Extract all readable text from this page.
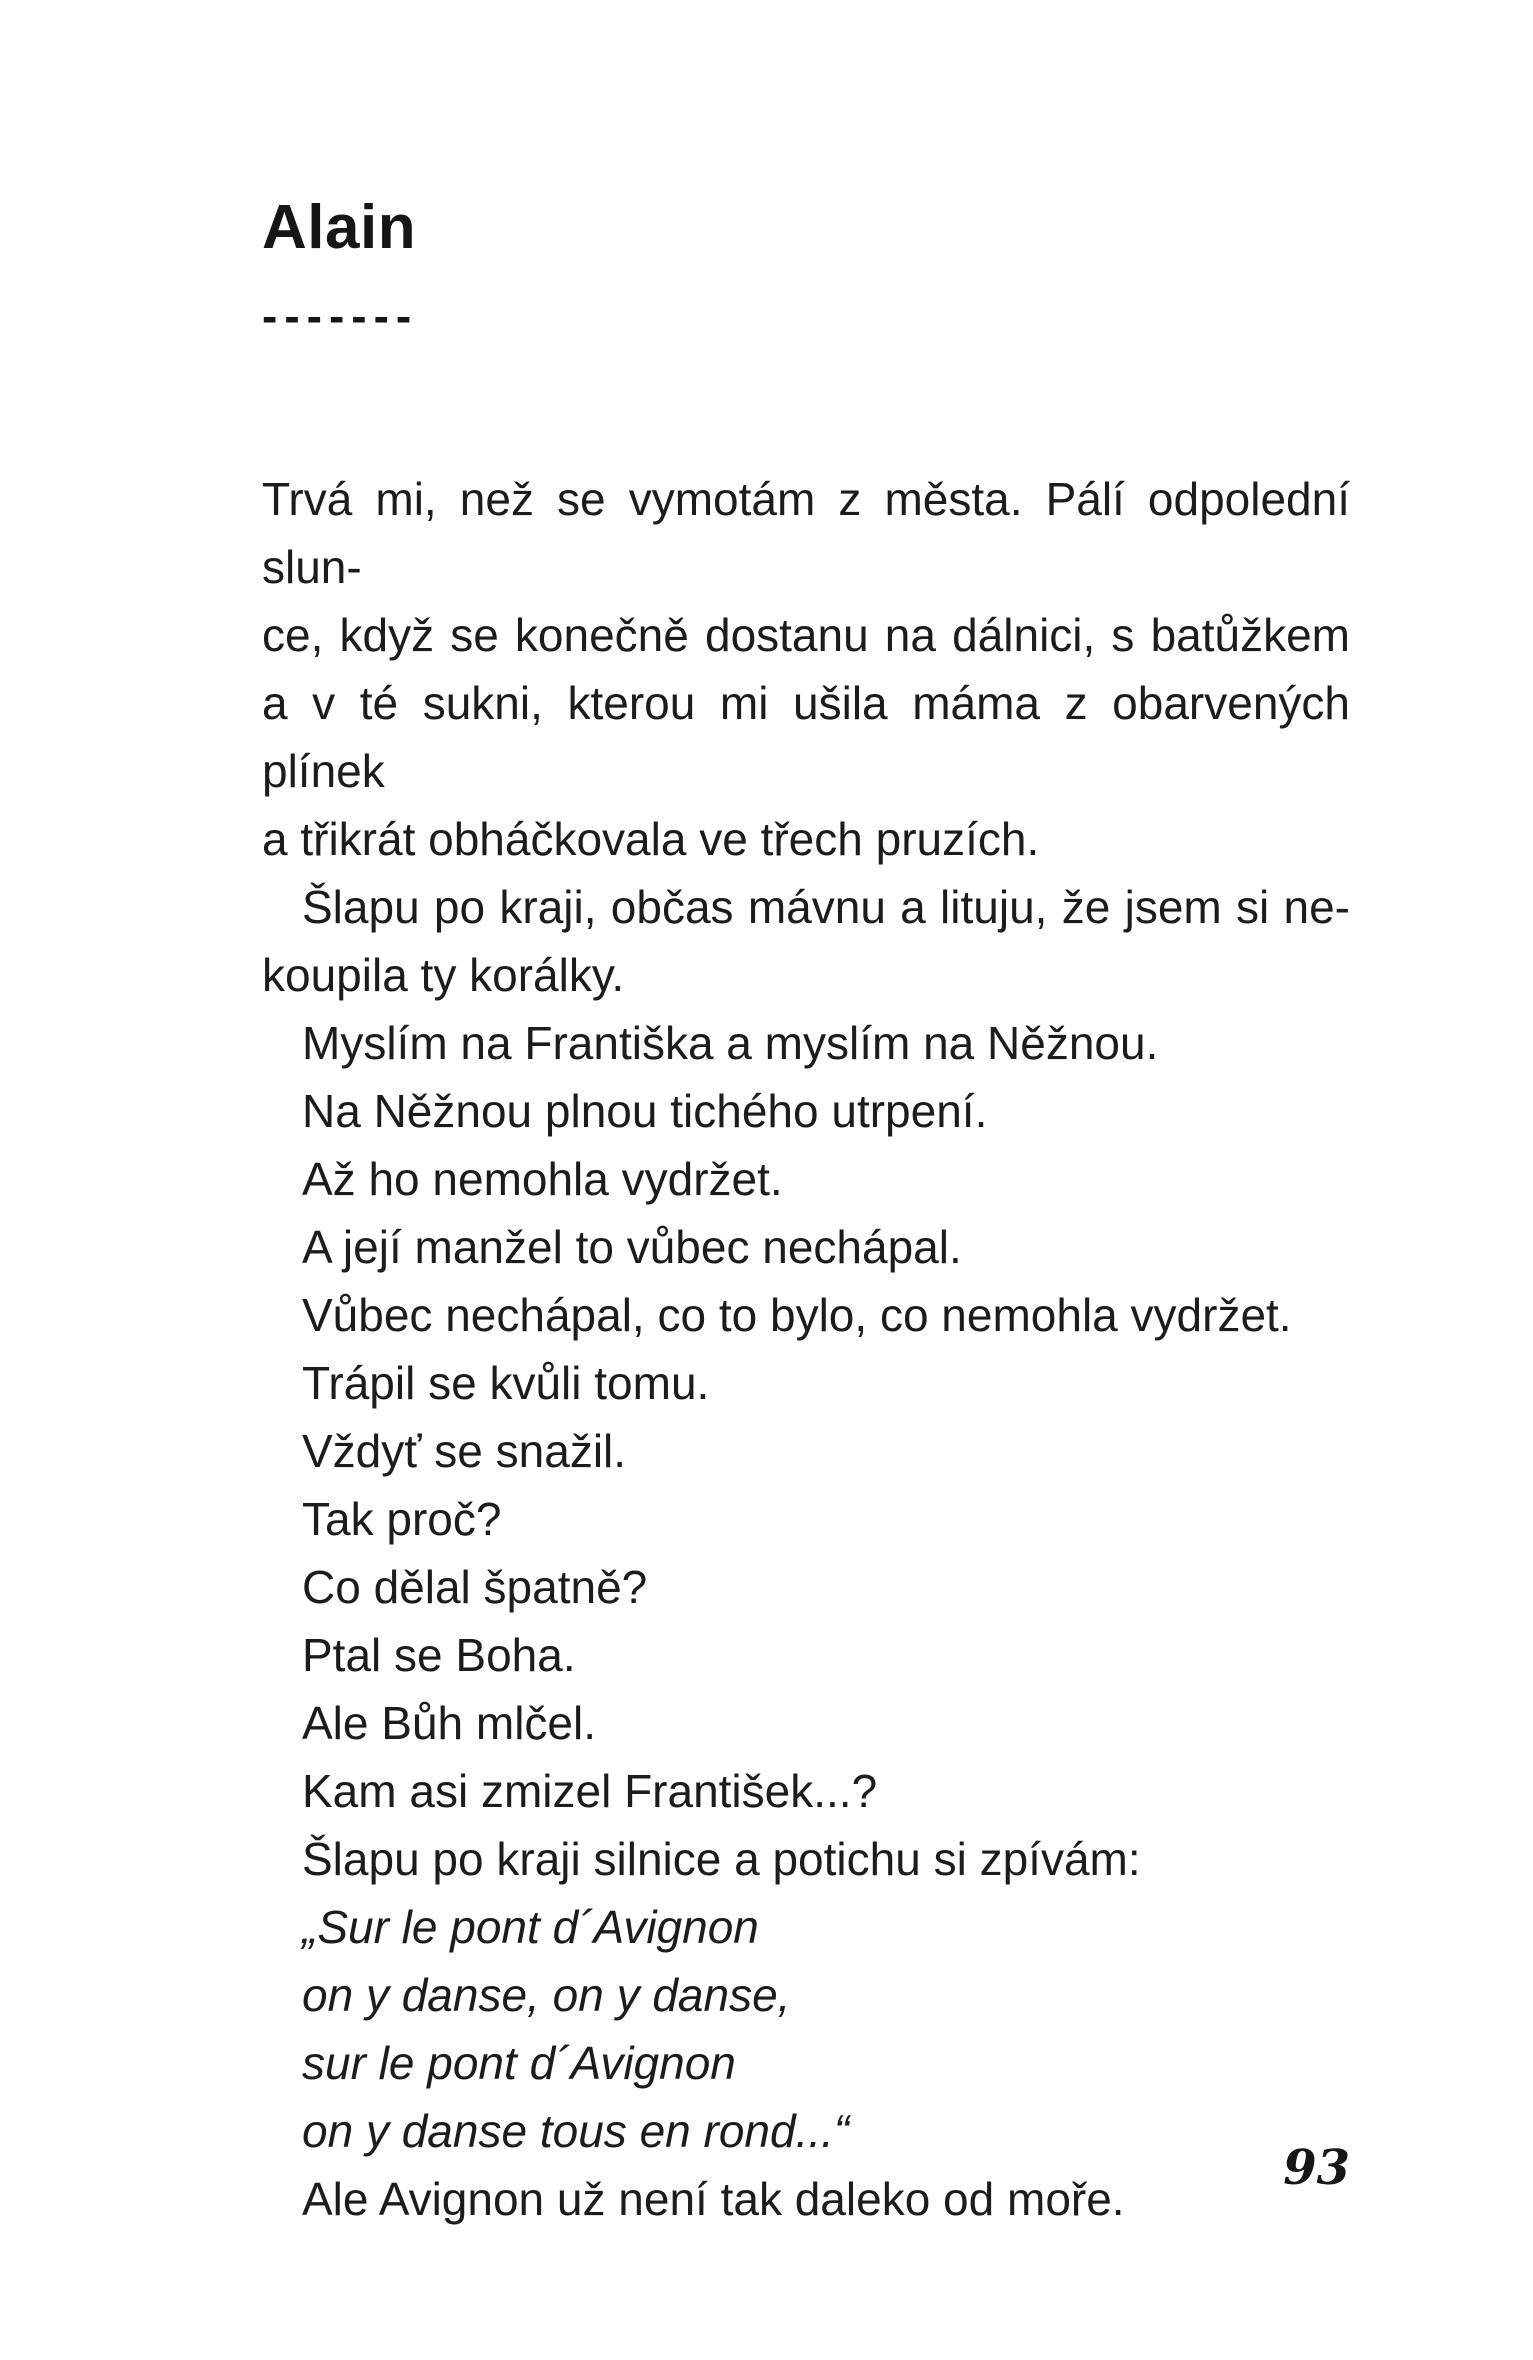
Alain
-------
Trvá mi, než se vymotám z města. Pálí odpolední slun-
ce, když se konečně dostanu na dálnici, s batůžkem
a v té sukni, kterou mi ušila máma z obarvených plínek
a třikrát obháčkovala ve třech pruzích.
Šlapu po kraji, občas mávnu a lituju, že jsem si ne-
koupila ty korálky.
Myslím na Františka a myslím na Něžnou.
Na Něžnou plnou tichého utrpení.
Až ho nemohla vydržet.
A její manžel to vůbec nechápal.
Vůbec nechápal, co to bylo, co nemohla vydržet.
Trápil se kvůli tomu.
Vždyť se snažil.
Tak proč?
Co dělal špatně?
Ptal se Boha.
Ale Bůh mlčel.
Kam asi zmizel František...?
Šlapu po kraji silnice a potichu si zpívám:
„Sur le pont d´Avignon
on y danse, on y danse,
sur le pont d´Avignon
on y danse tous en rond...“
Ale Avignon už není tak daleko od moře.
93
